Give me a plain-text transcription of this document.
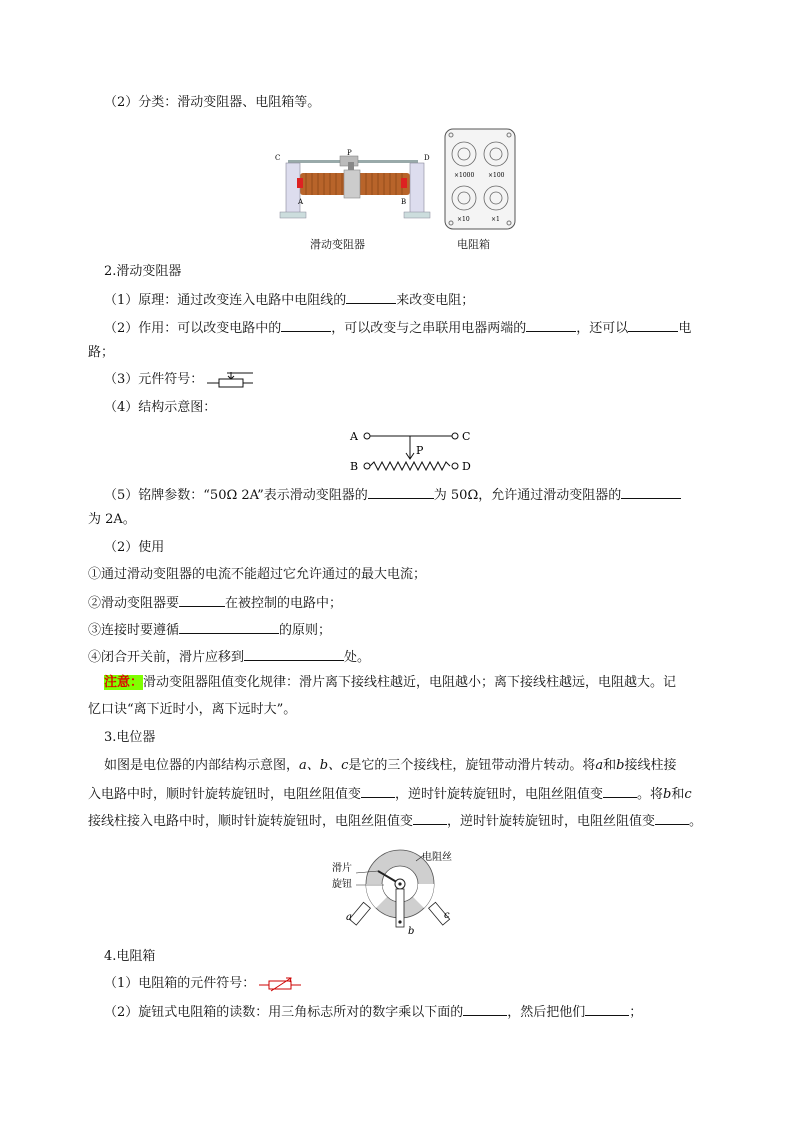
（2）分类：滑动变阻器、电阻箱等。
C	D
P
A	B
×1000 ×100
×10	×1
滑动变阻器	电阻箱
2.滑动变阻器
（1）原理：通过改变连入电路中电阻线的	来改变电阻；
（2）作用：可以改变电路中的	，可以改变与之串联用电器两端的	，还可以	电
路；
（3）元件符号：
（4）结构示意图：
A	C
P
B	D
（5）铭牌参数：“50Ω 2A”表示滑动变阻器的	为 50Ω，允许通过滑动变阻器的
为 2A。
（2）使用
①通过滑动变阻器的电流不能超过它允许通过的最大电流；
②滑动变阻器要	在被控制的电路中；
③连接时要遵循	的原则；
④闭合开关前，滑片应移到	处。
注意：滑动变阻器阻值变化规律：滑片离下接线柱越近，电阻越小；离下接线柱越远，电阻越大。记
忆口诀“离下近时小，离下远时大”。
3.电位器
如图是电位器的内部结构示意图，a、b、c是它的三个接线柱，旋钮带动滑片转动。将a和b接线柱接
入电路中时，顺时针旋转旋钮时，电阻丝阻值变	，逆时针旋转旋钮时，电阻丝阻值变	。将b和c
接线柱接入电路中时，顺时针旋转旋钮时，电阻丝阻值变	，逆时针旋转旋钮时，电阻丝阻值变	。
滑片
旋钮
电阻丝
a
b
c
4.电阻箱
（1）电阻箱的元件符号：
（2）旋钮式电阻箱的读数：用三角标志所对的数字乘以下面的	，然后把他们	；
